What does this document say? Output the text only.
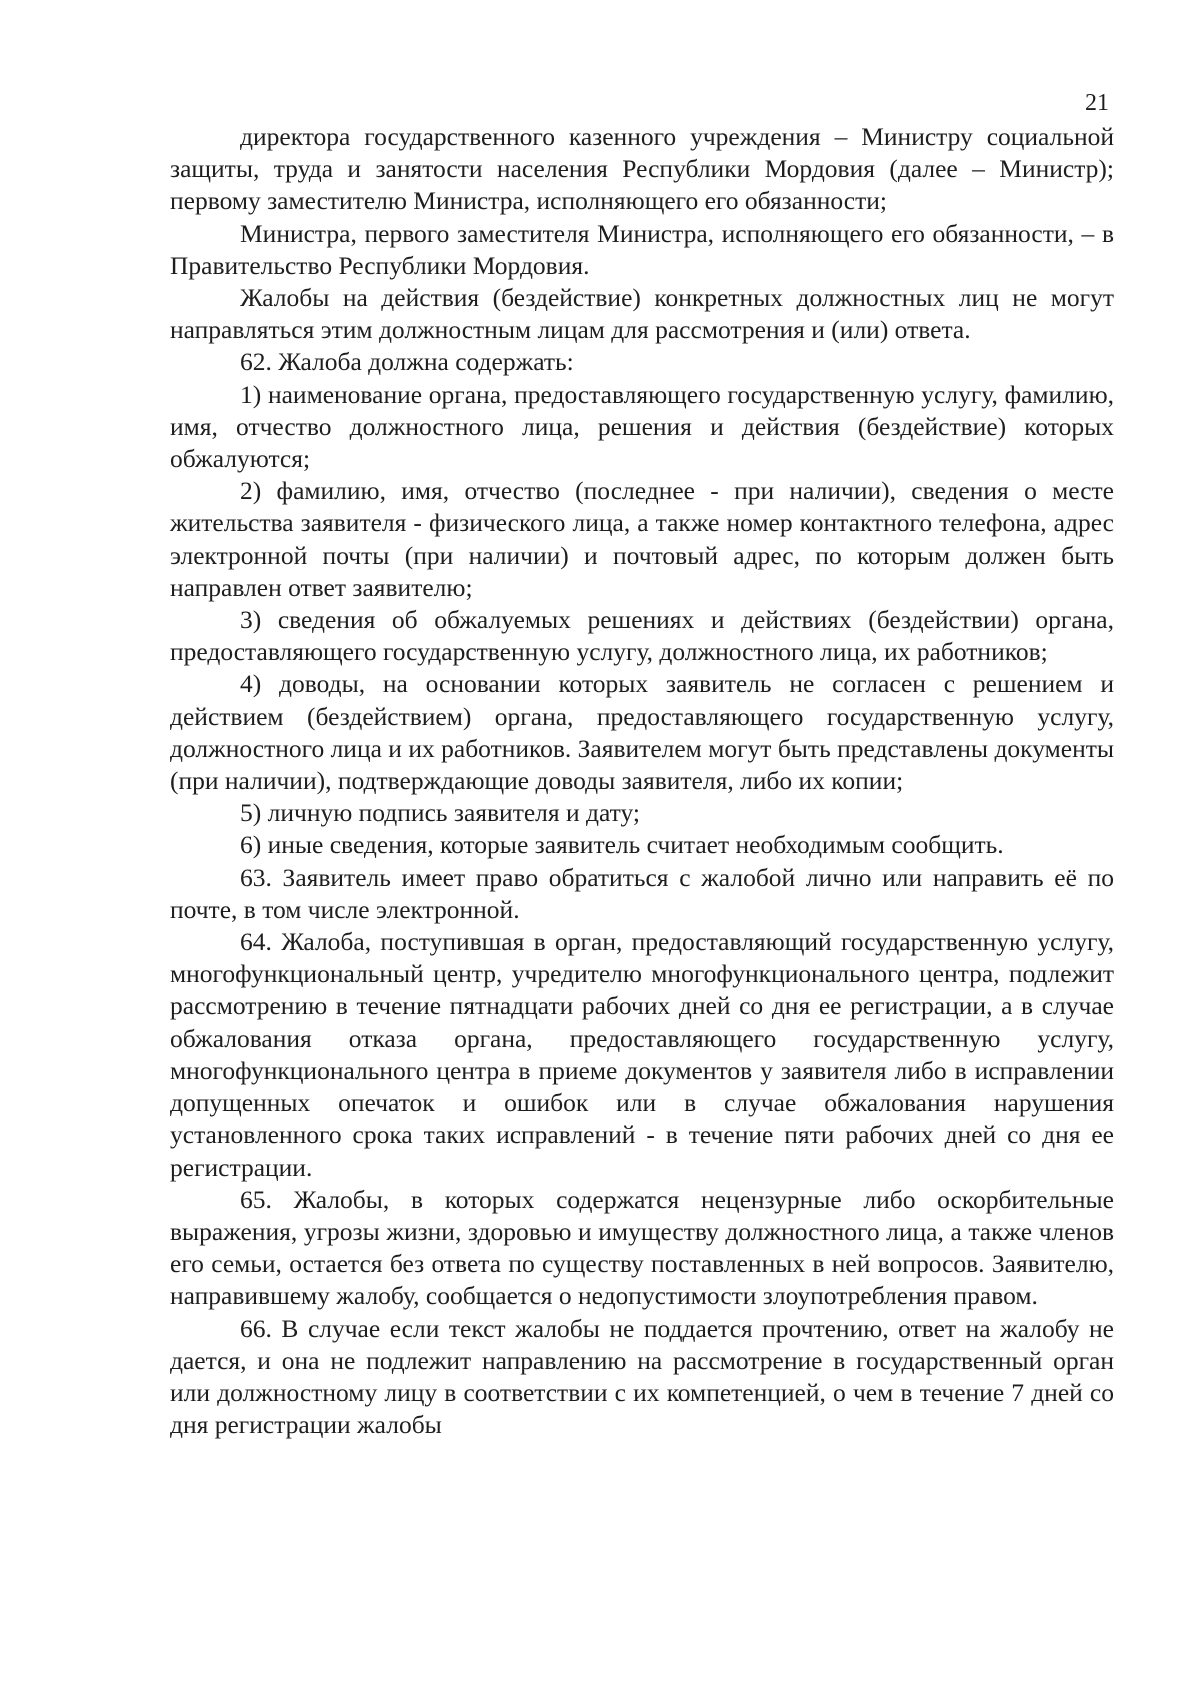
21

директора государственного казенного учреждения – Министру социальной защиты, труда и занятости населения Республики Мордовия (далее – Министр); первому заместителю Министра, исполняющего его обязанности;

Министра, первого заместителя Министра, исполняющего его обязанности, – в Правительство Республики Мордовия.

Жалобы на действия (бездействие) конкретных должностных лиц не могут направляться этим должностным лицам для рассмотрения и (или) ответа.

62. Жалоба должна содержать:

1) наименование органа, предоставляющего государственную услугу, фамилию, имя, отчество должностного лица, решения и действия (бездействие) которых обжалуются;

2) фамилию, имя, отчество (последнее - при наличии), сведения о месте жительства заявителя - физического лица, а также номер контактного телефона, адрес электронной почты (при наличии) и почтовый адрес, по которым должен быть направлен ответ заявителю;

3) сведения об обжалуемых решениях и действиях (бездействии) органа, предоставляющего государственную услугу, должностного лица, их работников;

4) доводы, на основании которых заявитель не согласен с решением и действием (бездействием) органа, предоставляющего государственную услугу, должностного лица и их работников. Заявителем могут быть представлены документы (при наличии), подтверждающие доводы заявителя, либо их копии;

5) личную подпись заявителя и дату;

6) иные сведения, которые заявитель считает необходимым сообщить.

63. Заявитель имеет право обратиться с жалобой лично или направить её по почте, в том числе электронной.

64. Жалоба, поступившая в орган, предоставляющий государственную услугу, многофункциональный центр, учредителю многофункционального центра, подлежит рассмотрению в течение пятнадцати рабочих дней со дня ее регистрации, а в случае обжалования отказа органа, предоставляющего государственную услугу, многофункционального центра в приеме документов у заявителя либо в исправлении допущенных опечаток и ошибок или в случае обжалования нарушения установленного срока таких исправлений - в течение пяти рабочих дней со дня ее регистрации.

65. Жалобы, в которых содержатся нецензурные либо оскорбительные выражения, угрозы жизни, здоровью и имуществу должностного лица, а также членов его семьи, остается без ответа по существу поставленных в ней вопросов. Заявителю, направившему жалобу, сообщается о недопустимости злоупотребления правом.

66. В случае если текст жалобы не поддается прочтению, ответ на жалобу не дается, и она не подлежит направлению на рассмотрение в государственный орган или должностному лицу в соответствии с их компетенцией, о чем в течение 7 дней со дня регистрации жалобы
